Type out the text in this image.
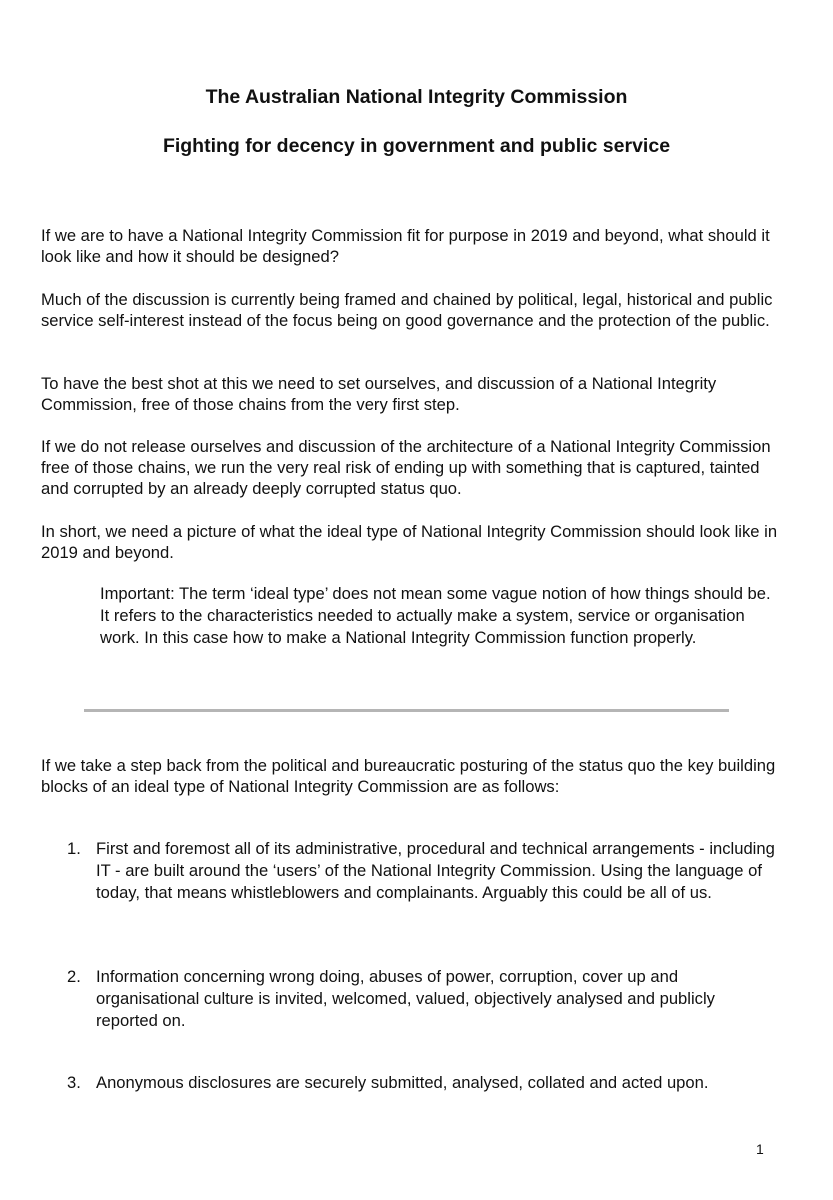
The Australian National Integrity Commission
Fighting for decency in government and public service

If we are to have a National Integrity Commission fit for purpose in 2019 and beyond, what should it look like and how it should be designed?

Much of the discussion is currently being framed and chained by political, legal, historical and public service self-interest instead of the focus being on good governance and the protection of the public.

To have the best shot at this we need to set ourselves, and discussion of a National Integrity Commission, free of those chains from the very first step.

If we do not release ourselves and discussion of the architecture of a National Integrity Commission free of those chains, we run the very real risk of ending up with something that is captured, tainted and corrupted by an already deeply corrupted status quo.

In short, we need a picture of what the ideal type of National Integrity Commission should look like in 2019 and beyond.

Important: The term ‘ideal type’ does not mean some vague notion of how things should be. It refers to the characteristics needed to actually make a system, service or organisation work. In this case how to make a National Integrity Commission function properly.

If we take a step back from the political and bureaucratic posturing of the status quo the key building blocks of an ideal type of National Integrity Commission are as follows:

1. First and foremost all of its administrative, procedural and technical arrangements - including IT - are built around the ‘users’ of the National Integrity Commission. Using the language of today, that means whistleblowers and complainants. Arguably this could be all of us.
2. Information concerning wrong doing, abuses of power, corruption, cover up and organisational culture is invited, welcomed, valued, objectively analysed and publicly reported on.
3. Anonymous disclosures are securely submitted, analysed, collated and acted upon.
1
